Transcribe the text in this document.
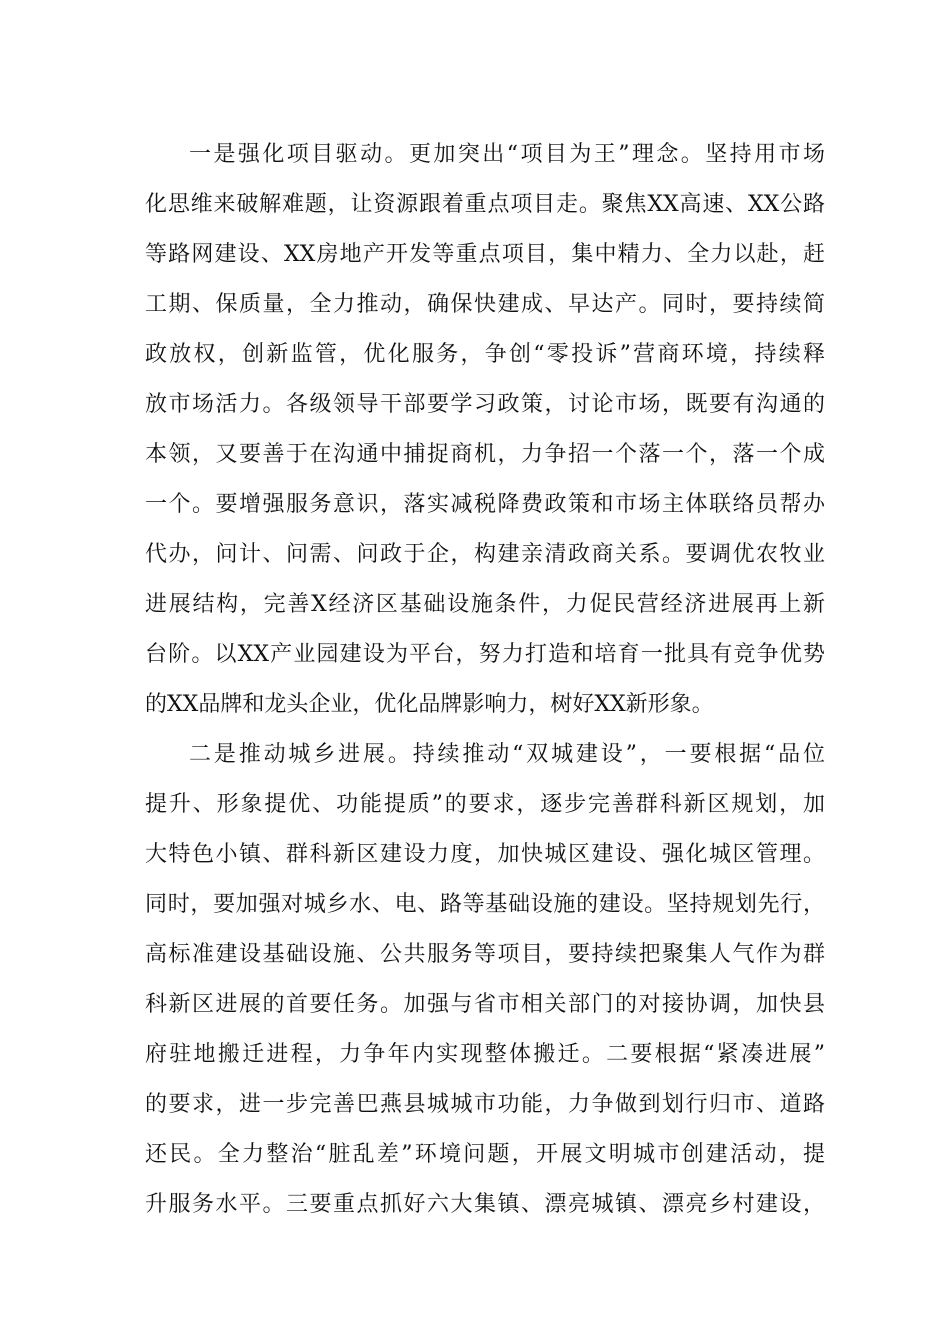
一是强化项目驱动。更加突出“项目为王”理念。坚持用市场
化思维来破解难题，让资源跟着重点项目走。聚焦XX高速、XX公路
等路网建设、XX房地产开发等重点项目，集中精力、全力以赴，赶
工期、保质量，全力推动，确保快建成、早达产。同时，要持续简
政放权，创新监管，优化服务，争创“零投诉”营商环境，持续释
放市场活力。各级领导干部要学习政策，讨论市场，既要有沟通的
本领，又要善于在沟通中捕捉商机，力争招一个落一个，落一个成
一个。要增强服务意识，落实减税降费政策和市场主体联络员帮办
代办，问计、问需、问政于企，构建亲清政商关系。要调优农牧业
进展结构，完善X经济区基础设施条件，力促民营经济进展再上新
台阶。以XX产业园建设为平台，努力打造和培育一批具有竞争优势
的XX品牌和龙头企业，优化品牌影响力，树好XX新形象。
二是推动城乡进展。持续推动“双城建设”，一要根据“品位
提升、形象提优、功能提质”的要求，逐步完善群科新区规划，加
大特色小镇、群科新区建设力度，加快城区建设、强化城区管理。
同时，要加强对城乡水、电、路等基础设施的建设。坚持规划先行，
高标准建设基础设施、公共服务等项目，要持续把聚集人气作为群
科新区进展的首要任务。加强与省市相关部门的对接协调，加快县
府驻地搬迁进程，力争年内实现整体搬迁。二要根据“紧凑进展”
的要求，进一步完善巴燕县城城市功能，力争做到划行归市、道路
还民。全力整治“脏乱差”环境问题，开展文明城市创建活动，提
升服务水平。三要重点抓好六大集镇、漂亮城镇、漂亮乡村建设，
